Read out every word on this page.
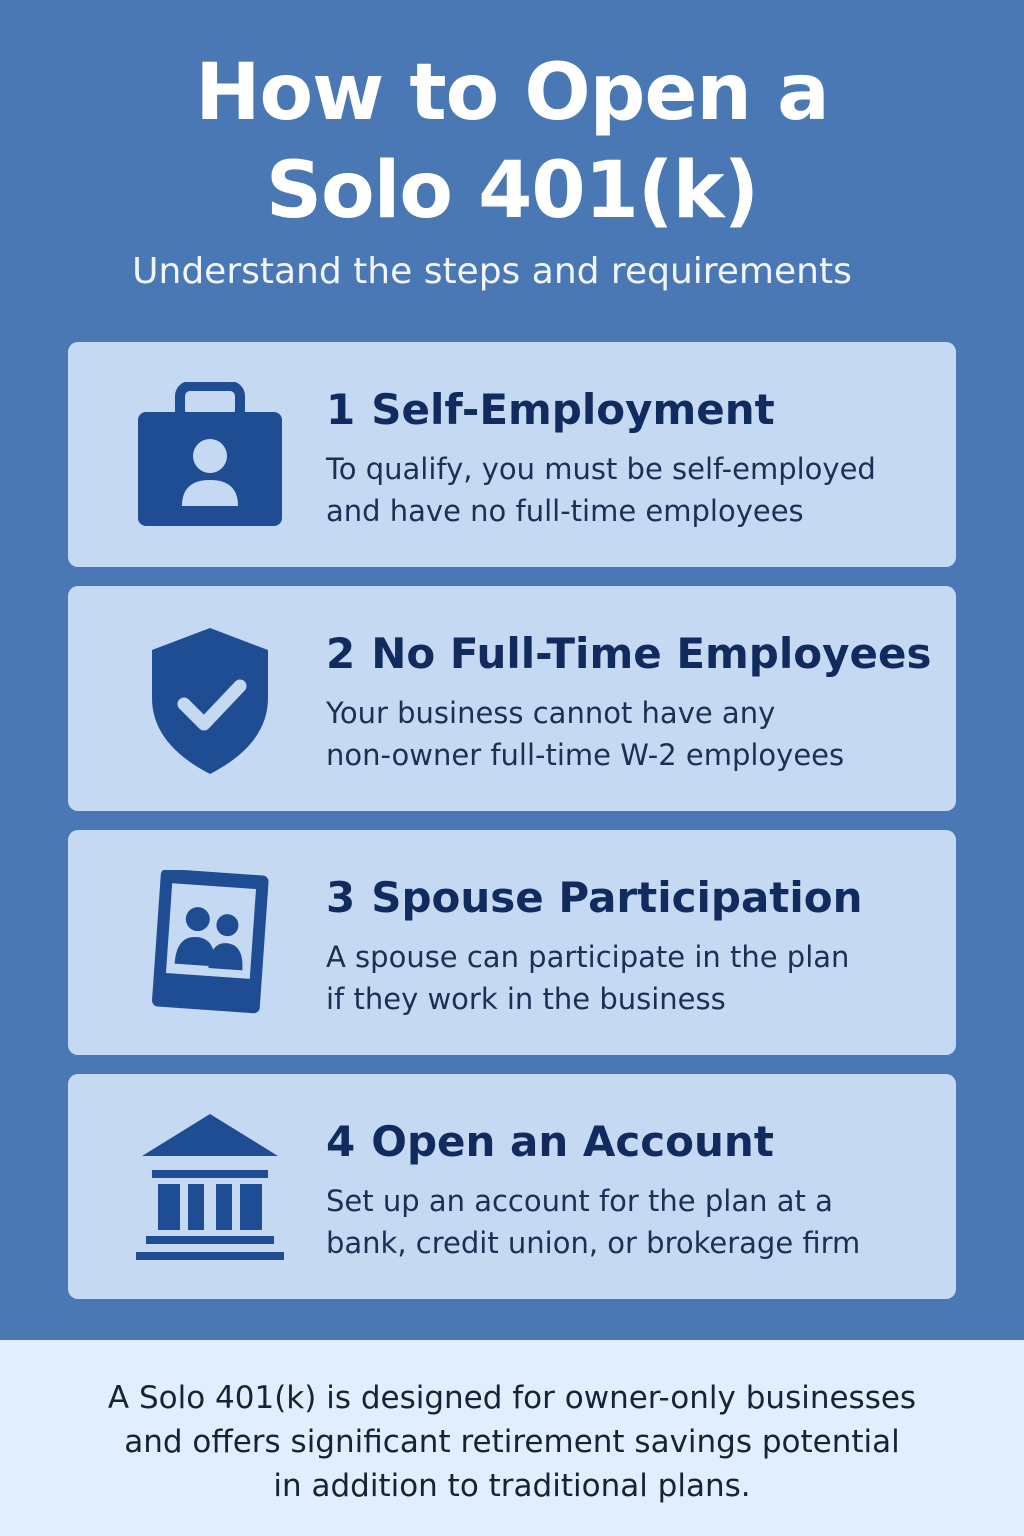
How to Open a
Solo 401(k)
Understand the steps and requirements
1 Self-Employment
To qualify, you must be self-employed
and have no full-time employees
2 No Full-Time Employees
Your business cannot have any
non-owner full-time W-2 employees
3 Spouse Participation
A spouse can participate in the plan
if they work in the business
4 Open an Account
Set up an account for the plan at a
bank, credit union, or brokerage firm
A Solo 401(k) is designed for owner-only businesses
and offers significant retirement savings potential
in addition to traditional plans.
